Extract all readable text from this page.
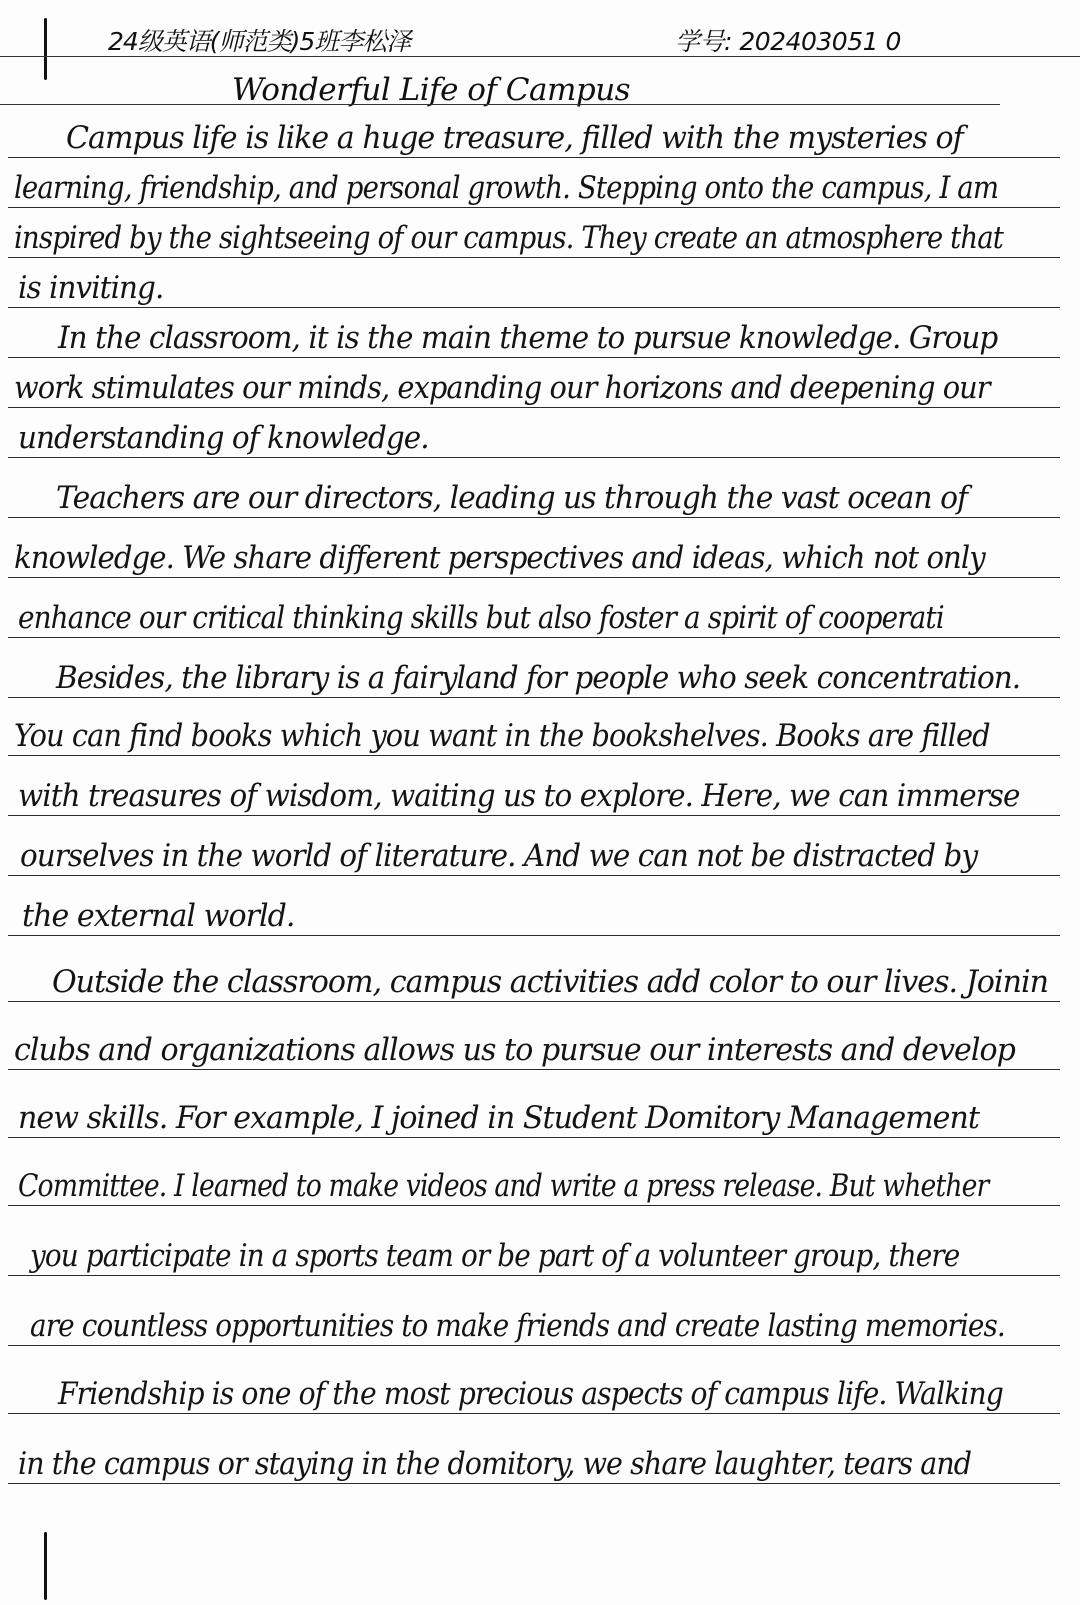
24级英语(师范类)5班李松泽	学号: 202403051 0
Wonderful Life of Campus
Campus life is like a huge treasure, filled with the mysteries of
learning, friendship, and personal growth. Stepping onto the campus, I am
inspired by the sightseeing of our campus. They create an atmosphere that
is inviting.
In the classroom, it is the main theme to pursue knowledge. Group
work stimulates our minds, expanding our horizons and deepening our
understanding of knowledge.
Teachers are our directors, leading us through the vast ocean of
knowledge. We share different perspectives and ideas, which not only
enhance our critical thinking skills but also foster a spirit of cooperati
Besides, the library is a fairyland for people who seek concentration.
You can find books which you want in the bookshelves. Books are filled
with treasures of wisdom, waiting us to explore. Here, we can immerse
ourselves in the world of literature. And we can not be distracted by
the external world.
Outside the classroom, campus activities add color to our lives. Joinin
clubs and organizations allows us to pursue our interests and develop
new skills. For example, I joined in Student Domitory Management
Committee. I learned to make videos and write a press release. But whether
you participate in a sports team or be part of a volunteer group, there
are countless opportunities to make friends and create lasting memories.
Friendship is one of the most precious aspects of campus life. Walking
in the campus or staying in the domitory, we share laughter, tears and
